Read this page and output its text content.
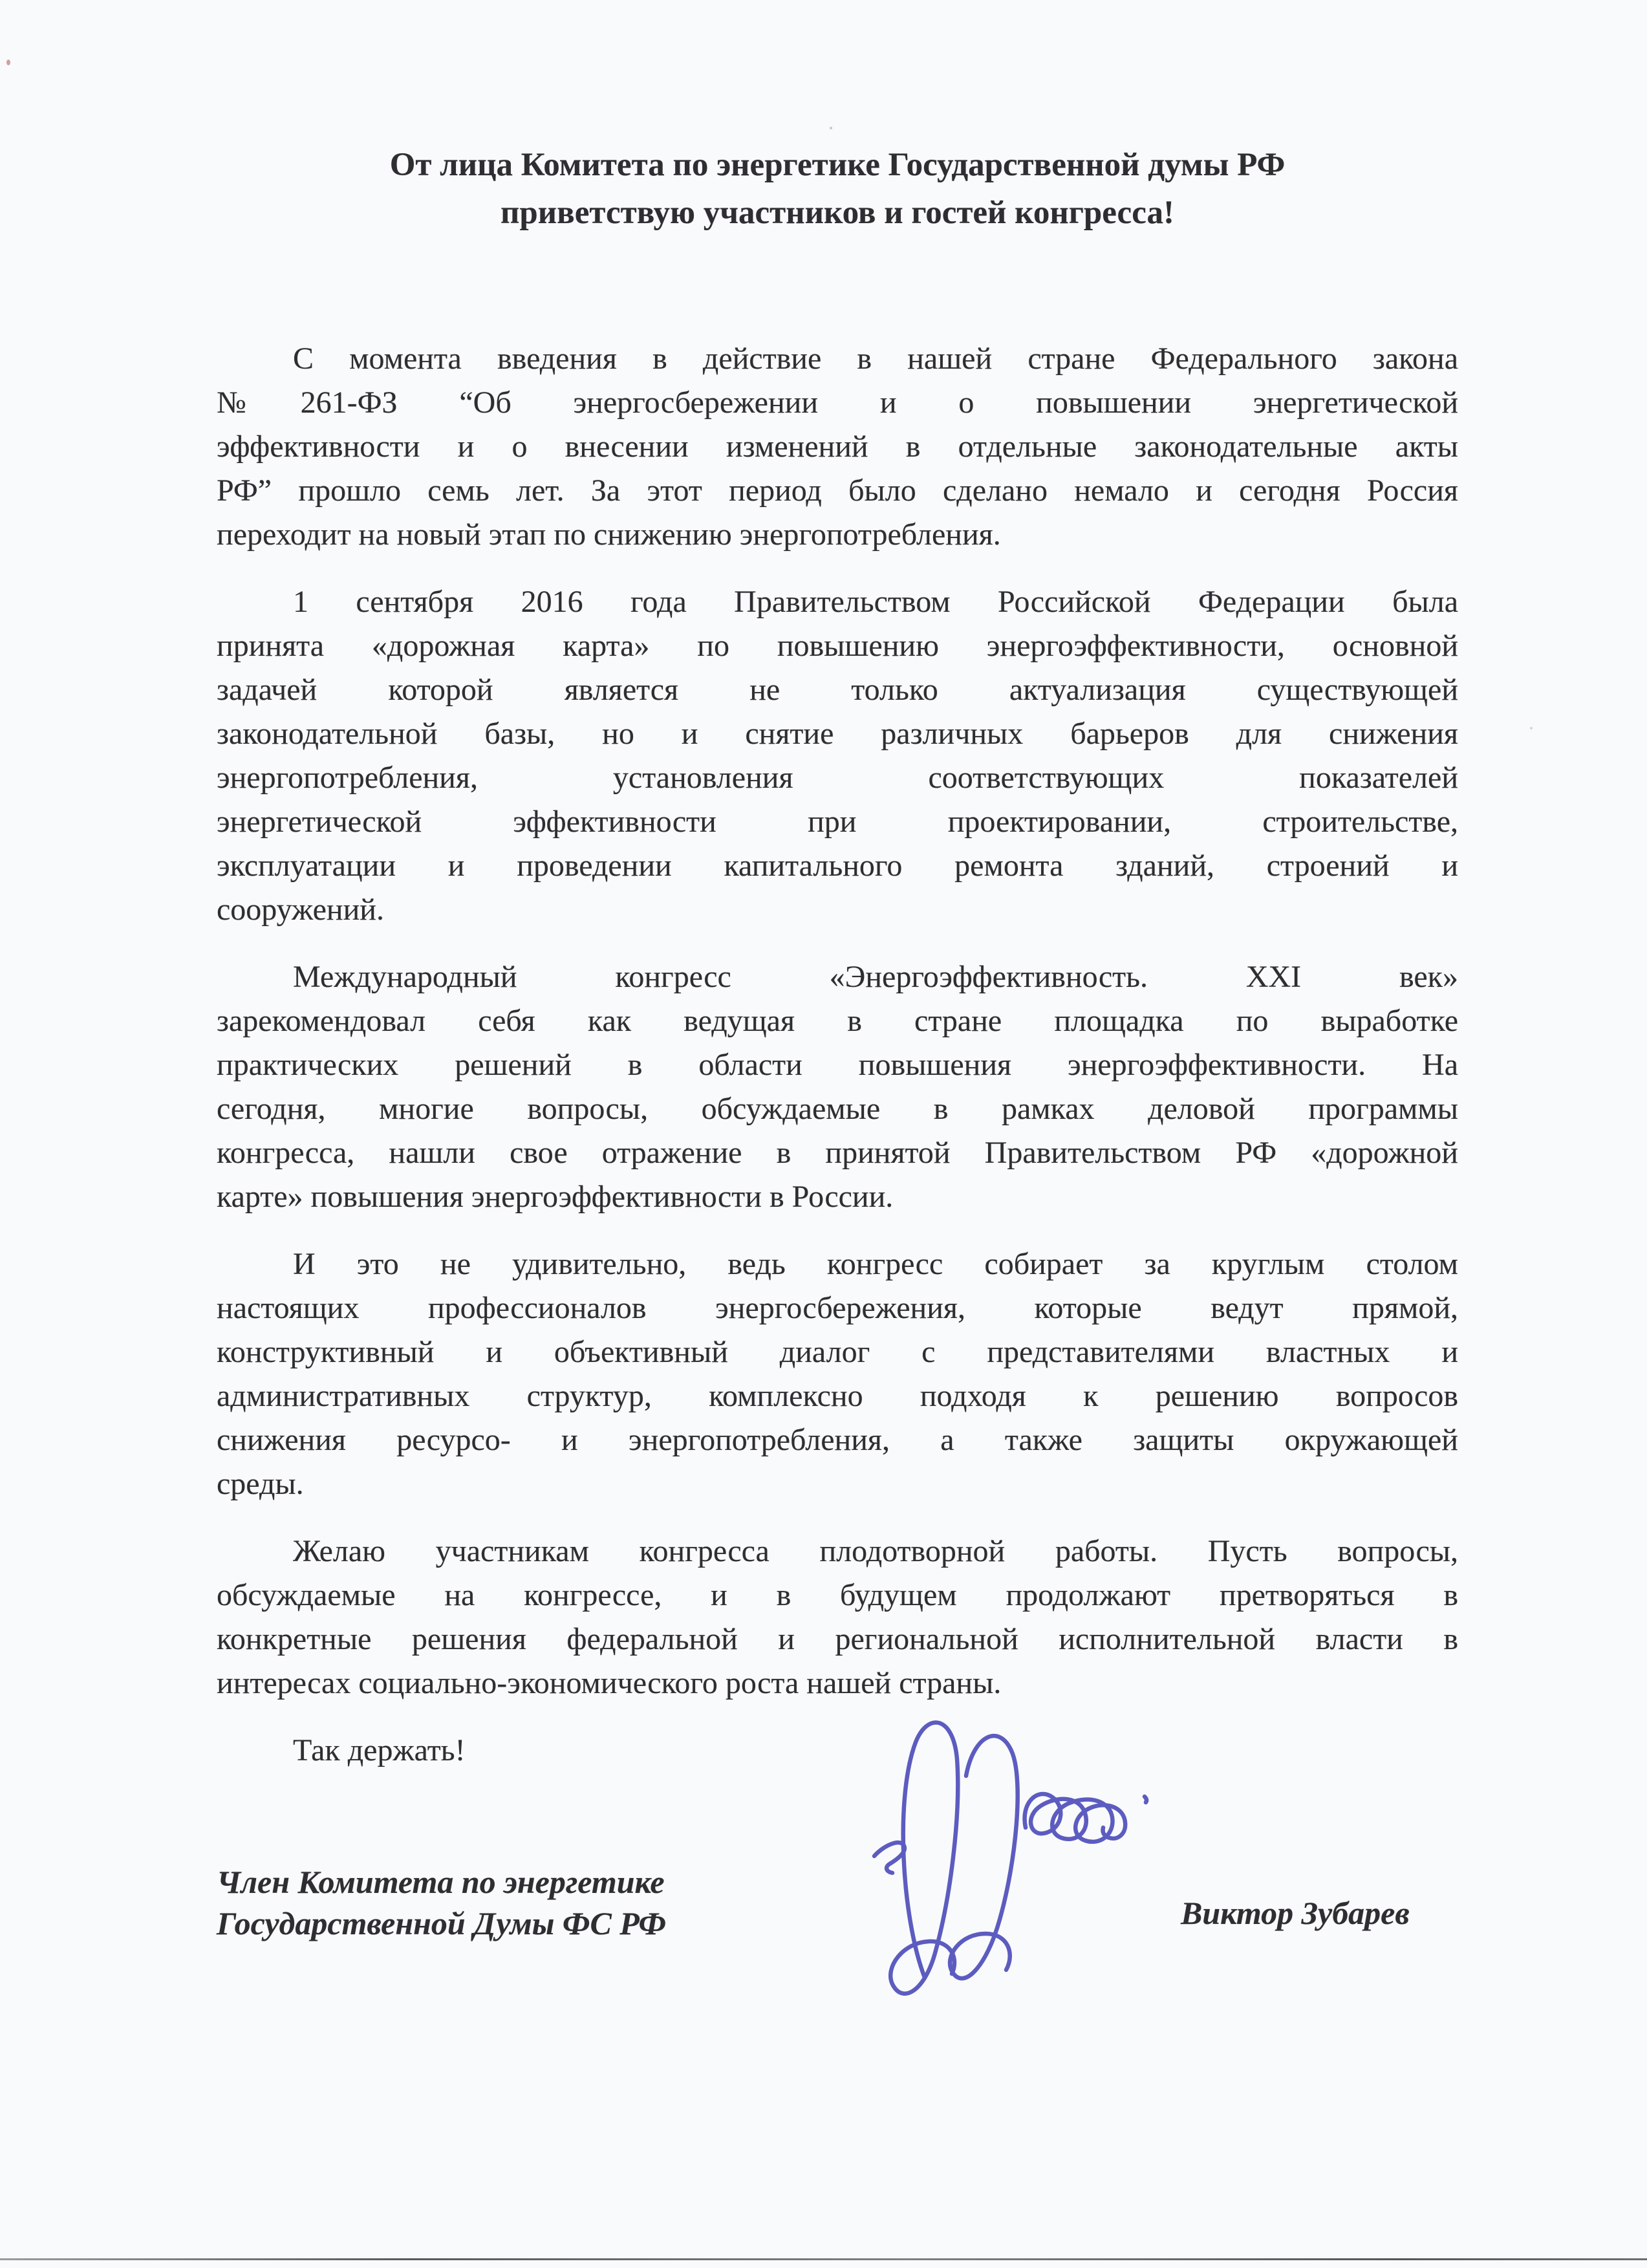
От лица Комитета по энергетике Государственной думы РФ
приветствую участников и гостей конгресса!
С момента введения в действие в нашей стране Федерального закона
№261-ФЗ “Об энергосбережении и о повышении энергетической
эффективности и о внесении изменений в отдельные законодательные акты
РФ” прошло семь лет. За этот период было сделано немало и сегодня Россия
переходит на новый этап по снижению энергопотребления.
1 сентября 2016 года Правительством Российской Федерации была
принята «дорожная карта» по повышению энергоэффективности, основной
задачей которой является не только актуализация существующей
законодательной базы, но и снятие различных барьеров для снижения
энергопотребления, установления соответствующих показателей
энергетической эффективности при проектировании, строительстве,
эксплуатации и проведении капитального ремонта зданий, строений и
сооружений.
Международный конгресс «Энергоэффективность. XXI век»
зарекомендовал себя как ведущая в стране площадка по выработке
практических решений в области повышения энергоэффективности. На
сегодня, многие вопросы, обсуждаемые в рамках деловой программы
конгресса, нашли свое отражение в принятой Правительством РФ «дорожной
карте» повышения энергоэффективности в России.
И это не удивительно, ведь конгресс собирает за круглым столом
настоящих профессионалов энергосбережения, которые ведут прямой,
конструктивный и объективный диалог с представителями властных и
административных структур, комплексно подходя к решению вопросов
снижения ресурсо- и энергопотребления, а также защиты окружающей
среды.
Желаю участникам конгресса плодотворной работы. Пусть вопросы,
обсуждаемые на конгрессе, и в будущем продолжают претворяться в
конкретные решения федеральной и региональной исполнительной власти в
интересах социально-экономического роста нашей страны.
Так держать!
Член Комитета по энергетике
Государственной Думы ФС РФ	Виктор Зубарев
